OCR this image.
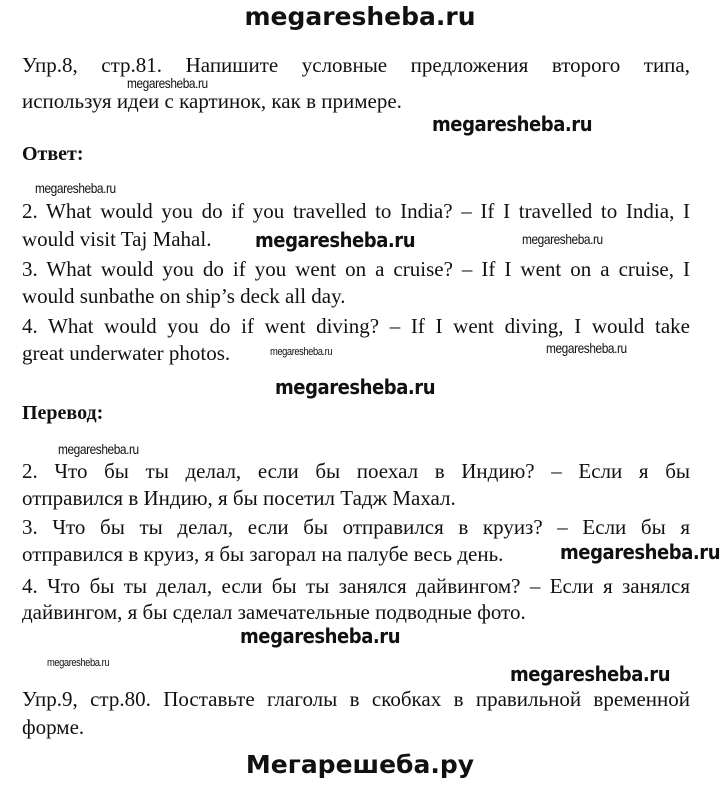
megaresheba.ru
Упр.8, стр.81. Напишите условные предложения второго типа,
используя идеи с картинок, как в примере.
Ответ:
2. What would you do if you travelled to India? – If I travelled to India, I
would visit Taj Mahal.
3. What would you do if you went on a cruise? – If I went on a cruise, I
would sunbathe on ship’s deck all day.
4. What would you do if went diving? – If I went diving, I would take
great underwater photos.
Перевод:
2. Что бы ты делал, если бы поехал в Индию? – Если я бы
отправился в Индию, я бы посетил Тадж Махал.
3. Что бы ты делал, если бы отправился в круиз? – Если бы я
отправился в круиз, я бы загорал на палубе весь день.
4. Что бы ты делал, если бы ты занялся дайвингом? – Если я занялся
дайвингом, я бы сделал замечательные подводные фото.
Упр.9, стр.80. Поставьте глаголы в скобках в правильной временной
форме.
megaresheba.ru
megaresheba.ru
megaresheba.ru
megaresheba.ru	megaresheba.ru
megaresheba.ru	megaresheba.ru
megaresheba.ru
megaresheba.ru
megaresheba.ru
megaresheba.ru
megaresheba.ru	megaresheba.ru
Мегарешеба.ру
